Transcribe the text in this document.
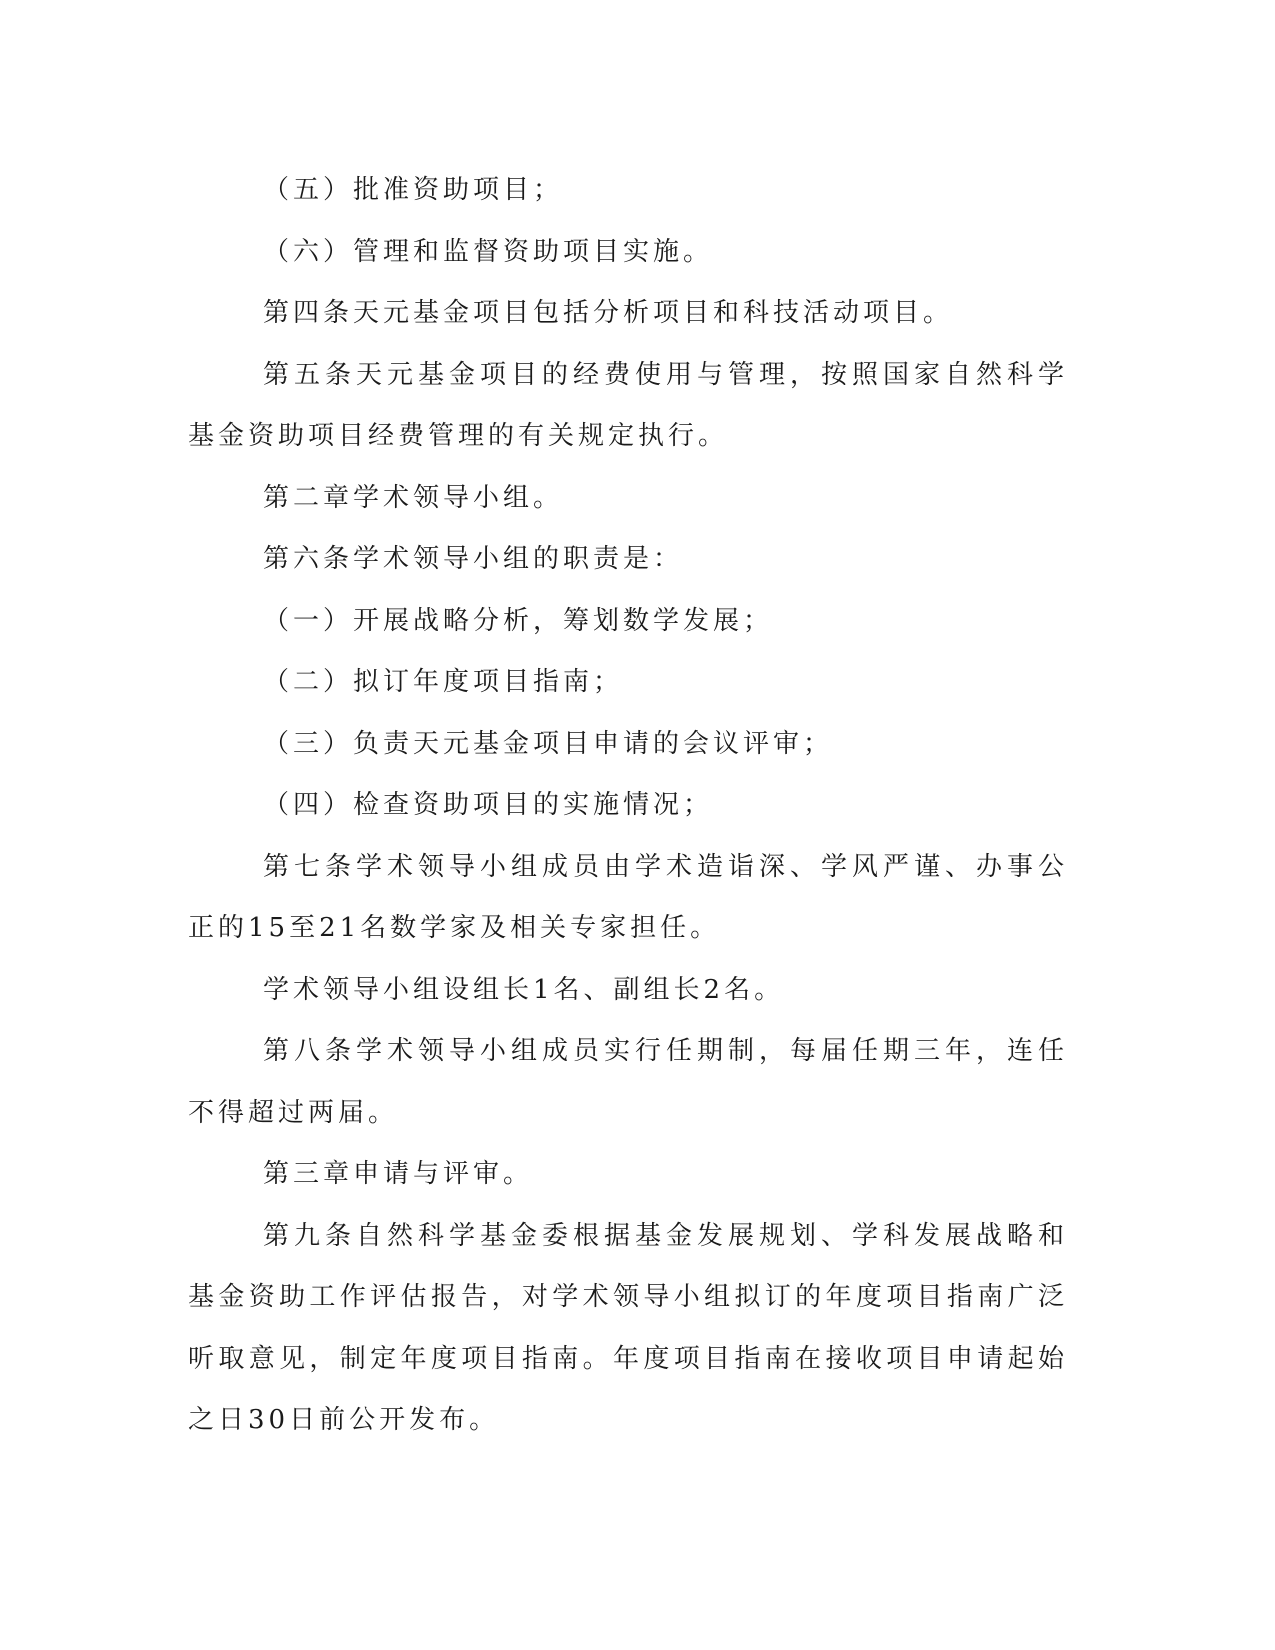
（五）批准资助项目；

（六）管理和监督资助项目实施。

第四条天元基金项目包括分析项目和科技活动项目。

第五条天元基金项目的经费使用与管理，按照国家自然科学基金资助项目经费管理的有关规定执行。

第二章学术领导小组。

第六条学术领导小组的职责是：

（一）开展战略分析，筹划数学发展；

（二）拟订年度项目指南；

（三）负责天元基金项目申请的会议评审；

（四）检查资助项目的实施情况；

第七条学术领导小组成员由学术造诣深、学风严谨、办事公正的15至21名数学家及相关专家担任。

学术领导小组设组长1名、副组长2名。

第八条学术领导小组成员实行任期制，每届任期三年，连任不得超过两届。

第三章申请与评审。

第九条自然科学基金委根据基金发展规划、学科发展战略和基金资助工作评估报告，对学术领导小组拟订的年度项目指南广泛听取意见，制定年度项目指南。年度项目指南在接收项目申请起始之日30日前公开发布。
